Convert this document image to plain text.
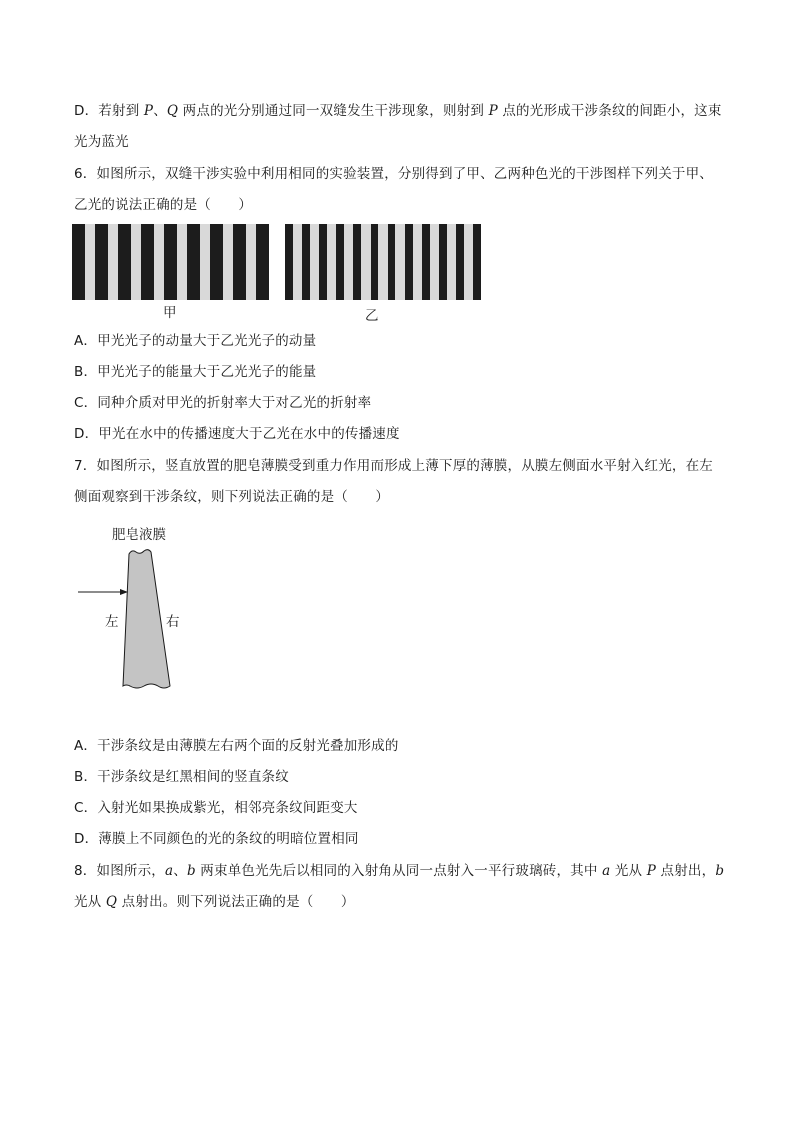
D．若射到 P、Q 两点的光分别通过同一双缝发生干涉现象，则射到 P 点的光形成干涉条纹的间距小，这束
光为蓝光
6．如图所示，双缝干涉实验中利用相同的实验装置，分别得到了甲、乙两种色光的干涉图样下列关于甲、
乙光的说法正确的是（　　）
甲	乙
A．甲光光子的动量大于乙光光子的动量
B．甲光光子的能量大于乙光光子的能量
C．同种介质对甲光的折射率大于对乙光的折射率
D．甲光在水中的传播速度大于乙光在水中的传播速度
7．如图所示，竖直放置的肥皂薄膜受到重力作用而形成上薄下厚的薄膜，从膜左侧面水平射入红光，在左
侧面观察到干涉条纹，则下列说法正确的是（　　）
肥皂液膜
左	右
A．干涉条纹是由薄膜左右两个面的反射光叠加形成的
B．干涉条纹是红黑相间的竖直条纹
C．入射光如果换成紫光，相邻亮条纹间距变大
D．薄膜上不同颜色的光的条纹的明暗位置相同
8．如图所示，a、b 两束单色光先后以相同的入射角从同一点射入一平行玻璃砖，其中 a 光从 P 点射出，b
光从 Q 点射出。则下列说法正确的是（　　）
